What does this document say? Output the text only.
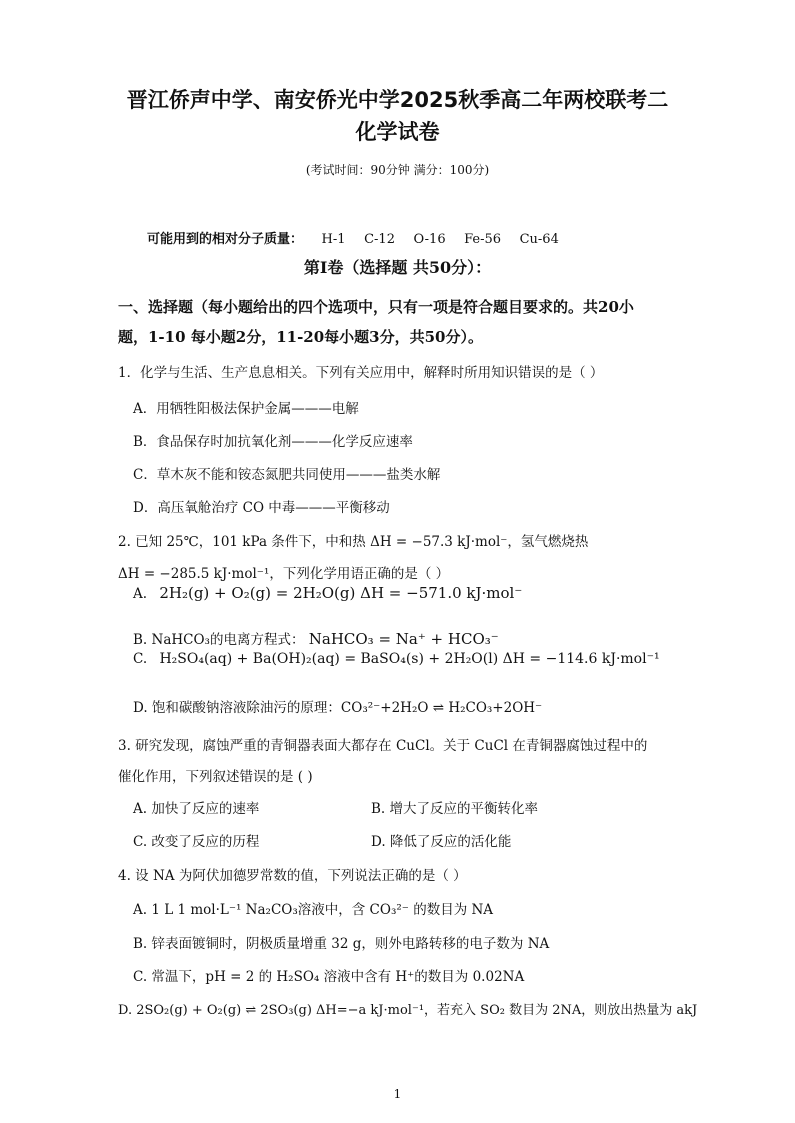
晋江侨声中学、南安侨光中学2025秋季高二年两校联考二
化学试卷
(考试时间：90分钟 满分：100分)
可能用到的相对分子质量： H-1 C-12 O-16 Fe-56 Cu-64
第Ⅰ卷（选择题 共50分）：
一、选择题（每小题给出的四个选项中，只有一项是符合题目要求的。共20小
题，1-10 每小题2分，11-20每小题3分，共50分）。
1．化学与生活、生产息息相关。下列有关应用中，解释时所用知识错误的是（ ）
A．用牺牲阳极法保护金属———电解
B．食品保存时加抗氧化剂———化学反应速率
C．草木灰不能和铵态氮肥共同使用———盐类水解
D．高压氧舱治疗 CO 中毒———平衡移动
2. 已知 25℃，101 kPa 条件下，中和热 ΔH = −57.3 kJ·mol⁻，氢气燃烧热
ΔH = −285.5 kJ·mol⁻¹，下列化学用语正确的是（ ）
A. 2H₂(g) + O₂(g) = 2H₂O(g) ΔH = −571.0 kJ·mol⁻
B. NaHCO₃的电离方程式： NaHCO₃ = Na⁺ + HCO₃⁻
C. H₂SO₄(aq) + Ba(OH)₂(aq) = BaSO₄(s) + 2H₂O(l) ΔH = −114.6 kJ·mol⁻¹
D. 饱和碳酸钠溶液除油污的原理：CO₃²⁻+2H₂O ⇌ H₂CO₃+2OH⁻
3. 研究发现，腐蚀严重的青铜器表面大都存在 CuCl。关于 CuCl 在青铜器腐蚀过程中的
催化作用，下列叙述错误的是 ( )
A. 加快了反应的速率	B. 增大了反应的平衡转化率
C. 改变了反应的历程	D. 降低了反应的活化能
4. 设 NA 为阿伏加德罗常数的值，下列说法正确的是（ ）
A. 1 L 1 mol·L⁻¹ Na₂CO₃溶液中，含 CO₃²⁻ 的数目为 NA
B. 锌表面镀铜时，阴极质量增重 32 g，则外电路转移的电子数为 NA
C. 常温下，pH = 2 的 H₂SO₄ 溶液中含有 H⁺的数目为 0.02NA
D. 2SO₂(g) + O₂(g) ⇌ 2SO₃(g) ΔH=−a kJ·mol⁻¹，若充入 SO₂ 数目为 2NA，则放出热量为 akJ
1
